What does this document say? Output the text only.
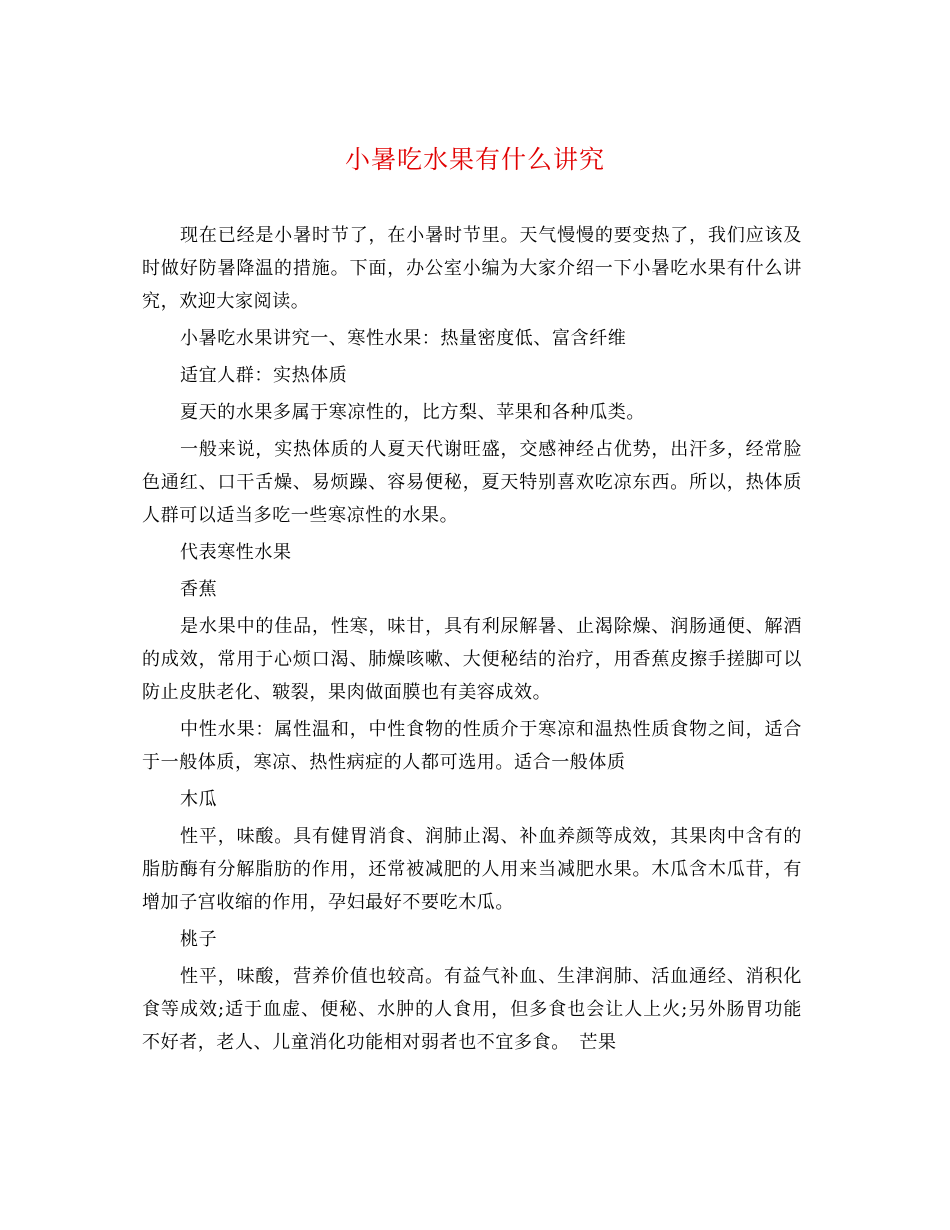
小暑吃水果有什么讲究

现在已经是小暑时节了，在小暑时节里。天气慢慢的要变热了，我们应该及时做好防暑降温的措施。下面，办公室小编为大家介绍一下小暑吃水果有什么讲究，欢迎大家阅读。

小暑吃水果讲究一、寒性水果：热量密度低、富含纤维

适宜人群：实热体质

夏天的水果多属于寒凉性的，比方梨、苹果和各种瓜类。

一般来说，实热体质的人夏天代谢旺盛，交感神经占优势，出汗多，经常脸色通红、口干舌燥、易烦躁、容易便秘，夏天特别喜欢吃凉东西。所以，热体质人群可以适当多吃一些寒凉性的水果。

代表寒性水果

香蕉

是水果中的佳品，性寒，味甘，具有利尿解暑、止渴除燥、润肠通便、解酒的成效，常用于心烦口渴、肺燥咳嗽、大便秘结的治疗，用香蕉皮擦手搓脚可以防止皮肤老化、皲裂，果肉做面膜也有美容成效。

中性水果：属性温和，中性食物的性质介于寒凉和温热性质食物之间，适合于一般体质，寒凉、热性病症的人都可选用。适合一般体质

木瓜

性平，味酸。具有健胃消食、润肺止渴、补血养颜等成效，其果肉中含有的脂肪酶有分解脂肪的作用，还常被减肥的人用来当减肥水果。木瓜含木瓜苷，有增加子宫收缩的作用，孕妇最好不要吃木瓜。

桃子

性平，味酸，营养价值也较高。有益气补血、生津润肺、活血通经、消积化食等成效;适于血虚、便秘、水肿的人食用，但多食也会让人上火;另外肠胃功能不好者，老人、儿童消化功能相对弱者也不宜多食。　芒果
